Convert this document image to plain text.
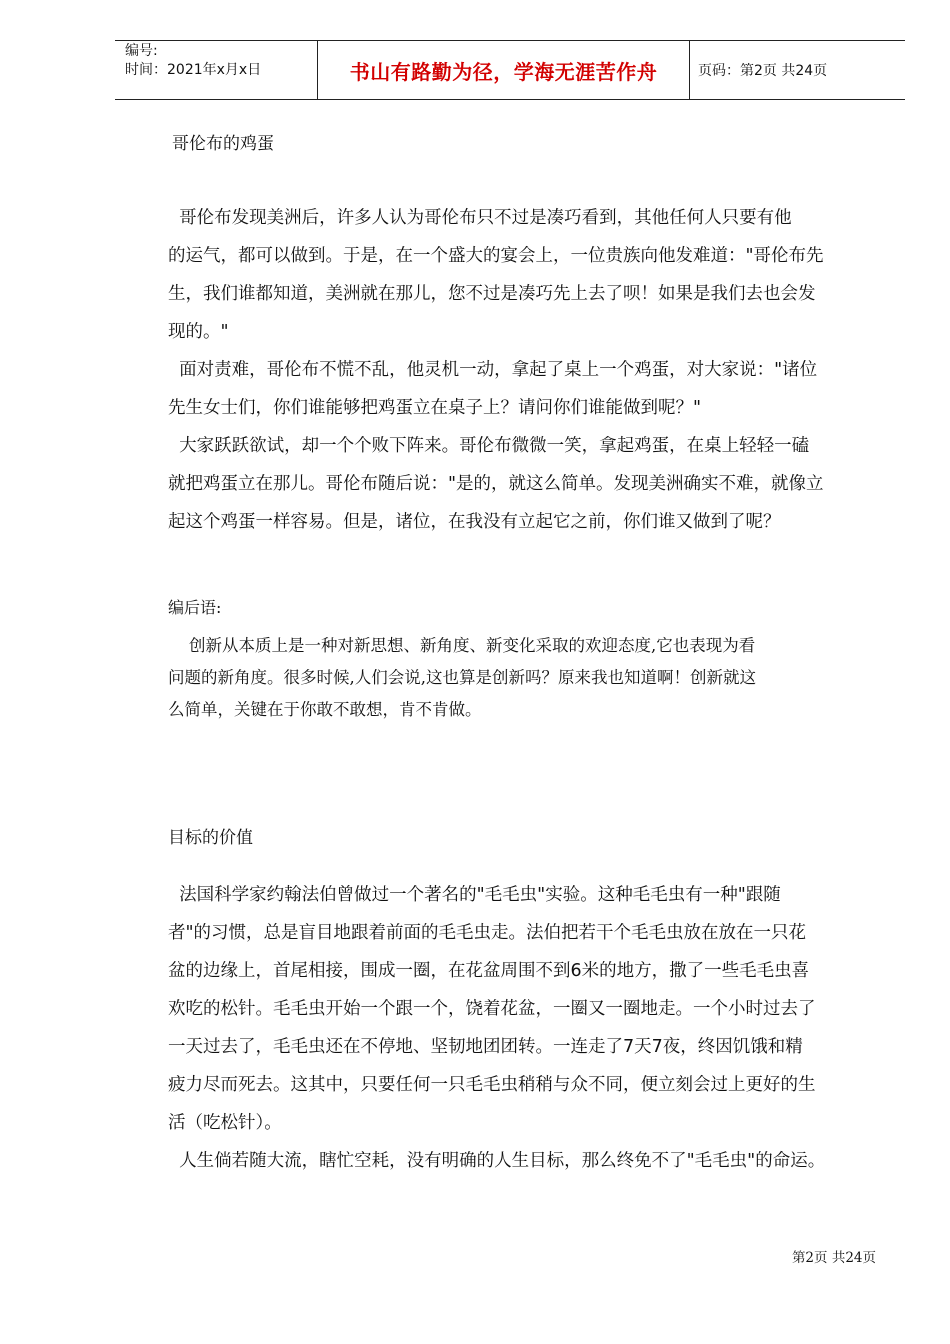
编号:
时间：2021年x月x日	书山有路勤为径，学海无涯苦作舟	页码：第2页 共24页
哥伦布的鸡蛋
哥伦布发现美洲后，许多人认为哥伦布只不过是凑巧看到，其他任何人只要有他
的运气，都可以做到。于是，在一个盛大的宴会上，一位贵族向他发难道："哥伦布先
生，我们谁都知道，美洲就在那儿，您不过是凑巧先上去了呗！如果是我们去也会发
现的。"
面对责难，哥伦布不慌不乱，他灵机一动，拿起了桌上一个鸡蛋，对大家说："诸位
先生女士们，你们谁能够把鸡蛋立在桌子上？请问你们谁能做到呢？"
大家跃跃欲试，却一个个败下阵来。哥伦布微微一笑，拿起鸡蛋，在桌上轻轻一磕
就把鸡蛋立在那儿。哥伦布随后说："是的，就这么简单。发现美洲确实不难，就像立
起这个鸡蛋一样容易。但是，诸位，在我没有立起它之前，你们谁又做到了呢？
编后语:
创新从本质上是一种对新思想、新角度、新变化采取的欢迎态度,它也表现为看
问题的新角度。很多时候,人们会说,这也算是创新吗？原来我也知道啊！创新就这
么简单，关键在于你敢不敢想，肯不肯做。
目标的价值
法国科学家约翰法伯曾做过一个著名的"毛毛虫"实验。这种毛毛虫有一种"跟随
者"的习惯，总是盲目地跟着前面的毛毛虫走。法伯把若干个毛毛虫放在放在一只花
盆的边缘上，首尾相接，围成一圈，在花盆周围不到6米的地方，撒了一些毛毛虫喜
欢吃的松针。毛毛虫开始一个跟一个，饶着花盆，一圈又一圈地走。一个小时过去了
一天过去了，毛毛虫还在不停地、坚韧地团团转。一连走了7天7夜，终因饥饿和精
疲力尽而死去。这其中，只要任何一只毛毛虫稍稍与众不同，便立刻会过上更好的生
活（吃松针）。
人生倘若随大流，瞎忙空耗，没有明确的人生目标，那么终免不了"毛毛虫"的命运。
第2页 共24页
